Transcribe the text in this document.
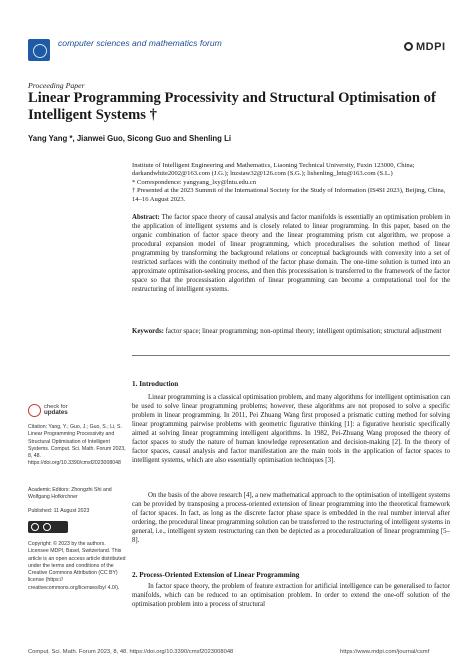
computer sciences and mathematics forum	MDPI
Proceeding Paper
Linear Programming Processivity and Structural Optimisation of Intelligent Systems †
Yang Yang *, Jianwei Guo, Sicong Guo and Shenling Li
Institute of Intelligent Engineering and Mathematics, Liaoning Technical University, Fuxin 123000, China; darkandwhite2002@163.com (J.G.); lnzstaw32@126.com (S.G.); lishenling_lntu@163.com (S.L.)
* Correspondence: yangyang_lxy@lntu.edu.cn
† Presented at the 2023 Summit of the International Society for the Study of Information (IS4SI 2023), Beijing, China, 14–16 August 2023.
Abstract: The factor space theory of causal analysis and factor manifolds is essentially an optimisation problem in the application of intelligent systems and is closely related to linear programming. In this paper, based on the organic combination of factor space theory and the linear programming prism cut algorithm, we propose a procedural expansion model of linear programming, which proceduralises the solution method of linear programming by transforming the background relations or conceptual backgrounds with convexity into a set of restricted surfaces with the continuity method of the factor phase domain. The one-time solution is turned into an approximate optimisation-seeking process, and then this processisation is transferred to the framework of the factor space so that the processisation algorithm of linear programming can become a computational tool for the restructuring of intelligent systems.
Keywords: factor space; linear programming; non-optimal theory; intelligent optimisation; structural adjustment
1. Introduction
Linear programming is a classical optimisation problem, and many algorithms for intelligent optimisation can be used to solve linear programming problems; however, these algorithms are not proposed to solve a specific problem in linear programming. In 2011, Pei Zhuang Wang first proposed a prismatic cutting method for solving linear programming pairwise problems with geometric figurative thinking [1]: a figurative heuristic specifically aimed at solving linear programming intelligent algorithms. In 1982, Pei-Zhuang Wang proposed the theory of factor spaces to study the nature of human knowledge representation and decision-making [2]. In the theory of factor spaces, causal analysis and factor manifestation are the main tools in the application of factor spaces to intelligent systems, which are also essentially optimisation techniques [3].
On the basis of the above research [4], a new mathematical approach to the optimisation of intelligent systems can be provided by transposing a process-oriented extension of linear programming into the theoretical framework of factor spaces. In fact, as long as the discrete factor phase space is embedded in the real number interval after ordering, the procedural linear programming solution can be transferred to the restructuring of intelligent systems in general, i.e., intelligent system restructuring can then be depicted as a proceduralization of linear programming [5–8].
2. Process-Oriented Extension of Linear Programming
In factor space theory, the problem of feature extraction for artificial intelligence can be generalised to factor manifolds, which can be reduced to an optimisation problem. In order to extend the one-off solution of the optimisation problem into a process of structural
check for
updates
Citation: Yang, Y.; Guo, J.; Guo, S.; Li, S. Linear Programming Processivity and Structural Optimisation of Intelligent Systems. Comput. Sci. Math. Forum 2023, 8, 48. https://doi.org/10.3390/cmsf2023008048
Academic Editors: Zhongzhi Shi and Wolfgang Hofkirchner
Published: 11 August 2023
Copyright: © 2023 by the authors. Licensee MDPI, Basel, Switzerland. This article is an open access article distributed under the terms and conditions of the Creative Commons Attribution (CC BY) license (https:// creativecommons.org/licenses/by/ 4.0/).
Comput. Sci. Math. Forum 2023, 8, 48. https://doi.org/10.3390/cmsf2023008048	https://www.mdpi.com/journal/csmf
